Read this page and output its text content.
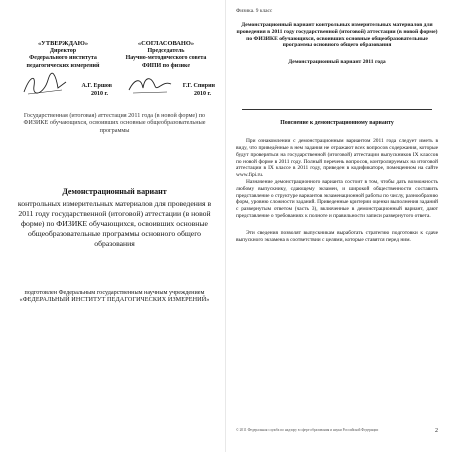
«УТВЕРЖДАЮ»
Директор
Федерального института педагогических измерений
А.Г. Ершов
2010 г.
«СОГЛАСОВАНО»
Председатель
Научно-методического совета ФИПИ по физике
Г.Г. Спирин
2010 г.
Государственная (итоговая) аттестация 2011 года (в новой форме) по ФИЗИКЕ обучающихся, освоивших основные общеобразовательные программы
Демонстрационный вариант
контрольных измерительных материалов для проведения в 2011 году государственной (итоговой) аттестации (в новой форме) по ФИЗИКЕ обучающихся, освоивших основные общеобразовательные программы основного общего образования
подготовлен Федеральным государственным научным учреждением
«ФЕДЕРАЛЬНЫЙ ИНСТИТУТ ПЕДАГОГИЧЕСКИХ ИЗМЕРЕНИЙ»
Физика. 9 класс
Демонстрационный вариант контрольных измерительных материалов для проведения в 2011 году государственной (итоговой) аттестации (в новой форме) по ФИЗИКЕ обучающихся, освоивших основные общеобразовательные программы основного общего образования
Демонстрационный вариант 2011 года
Пояснение к демонстрационному варианту

При ознакомлении с демонстрационным вариантом 2011 года следует иметь в виду, что приведённые в нем задания не отражают всех вопросов содержания, которые будут проверяться на государственной (итоговой) аттестации выпускников IX классов по новой форме в 2011 году. Полный перечень вопросов, контролируемых на итоговой аттестации в IX классе в 2011 году, приведен в кодификаторе, помещенном на сайте www.fipi.ru.

Назначение демонстрационного варианта состоит в том, чтобы дать возможность любому выпускнику, сдающему экзамен, и широкой общественности составить представление о структуре вариантов экзаменационной работы по числу, разнообразию форм, уровню сложности заданий. Приведенные критерии оценки выполнения заданий с развернутым ответом (часть 3), включенные в демонстрационный вариант, дают представление о требованиях к полноте и правильности записи развернутого ответа.

Эти сведения позволят выпускникам выработать стратегию подготовки к сдаче выпускного экзамена в соответствии с целями, которые ставятся перед ним.

© 2011 Федеральная служба по надзору в сфере образования и науки Российской Федерации	2
